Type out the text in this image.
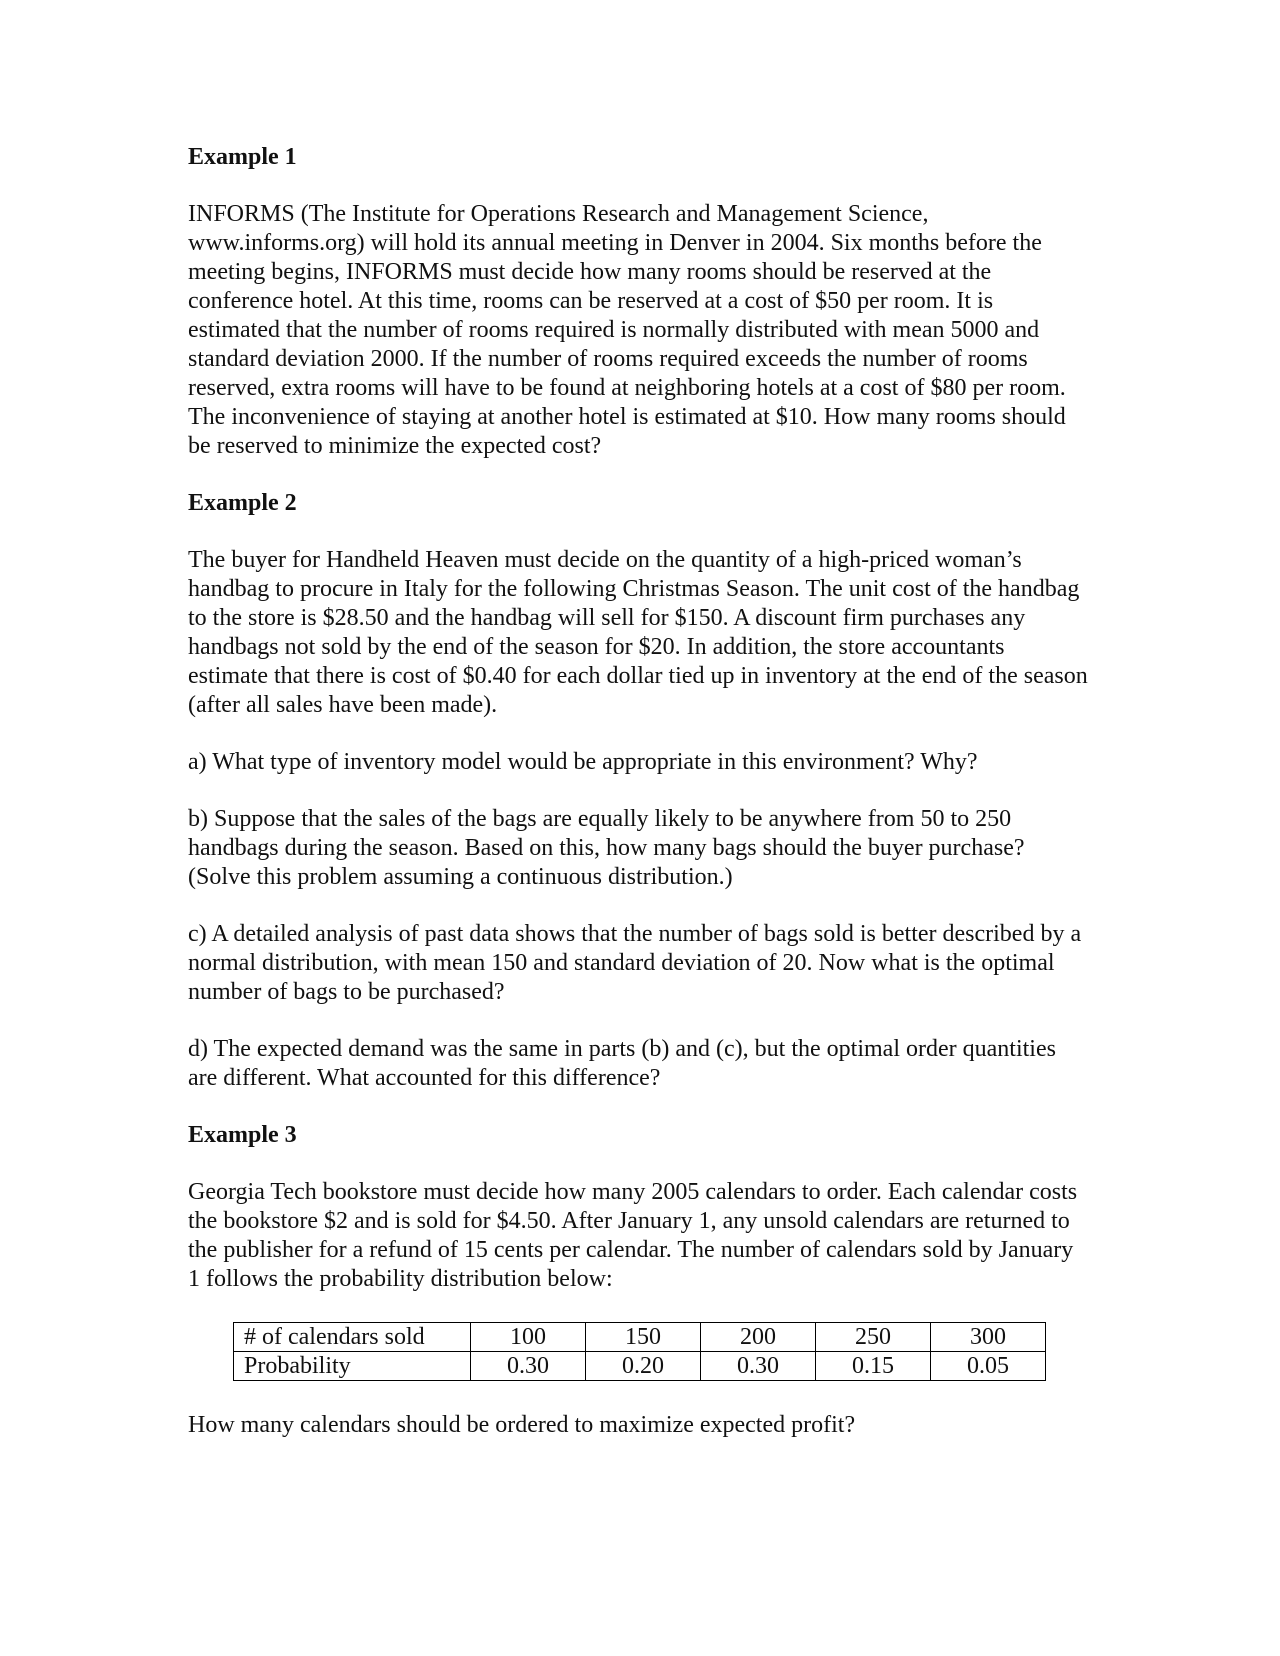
Example 1

INFORMS (The Institute for Operations Research and Management Science, www.informs.org) will hold its annual meeting in Denver in 2004. Six months before the meeting begins, INFORMS must decide how many rooms should be reserved at the conference hotel. At this time, rooms can be reserved at a cost of $50 per room. It is estimated that the number of rooms required is normally distributed with mean 5000 and standard deviation 2000. If the number of rooms required exceeds the number of rooms reserved, extra rooms will have to be found at neighboring hotels at a cost of $80 per room. The inconvenience of staying at another hotel is estimated at $10. How many rooms should be reserved to minimize the expected cost?

Example 2

The buyer for Handheld Heaven must decide on the quantity of a high-priced woman’s handbag to procure in Italy for the following Christmas Season. The unit cost of the handbag to the store is $28.50 and the handbag will sell for $150. A discount firm purchases any handbags not sold by the end of the season for $20. In addition, the store accountants estimate that there is cost of $0.40 for each dollar tied up in inventory at the end of the season (after all sales have been made).

a) What type of inventory model would be appropriate in this environment? Why?

b) Suppose that the sales of the bags are equally likely to be anywhere from 50 to 250 handbags during the season. Based on this, how many bags should the buyer purchase? (Solve this problem assuming a continuous distribution.)

c) A detailed analysis of past data shows that the number of bags sold is better described by a normal distribution, with mean 150 and standard deviation of 20. Now what is the optimal number of bags to be purchased?

d) The expected demand was the same in parts (b) and (c), but the optimal order quantities are different. What accounted for this difference?

Example 3

Georgia Tech bookstore must decide how many 2005 calendars to order. Each calendar costs the bookstore $2 and is sold for $4.50. After January 1, any unsold calendars are returned to the publisher for a refund of 15 cents per calendar. The number of calendars sold by January 1 follows the probability distribution below:

# of calendars sold	100	150	200	250	300
Probability	0.30	0.20	0.30	0.15	0.05

How many calendars should be ordered to maximize expected profit?
